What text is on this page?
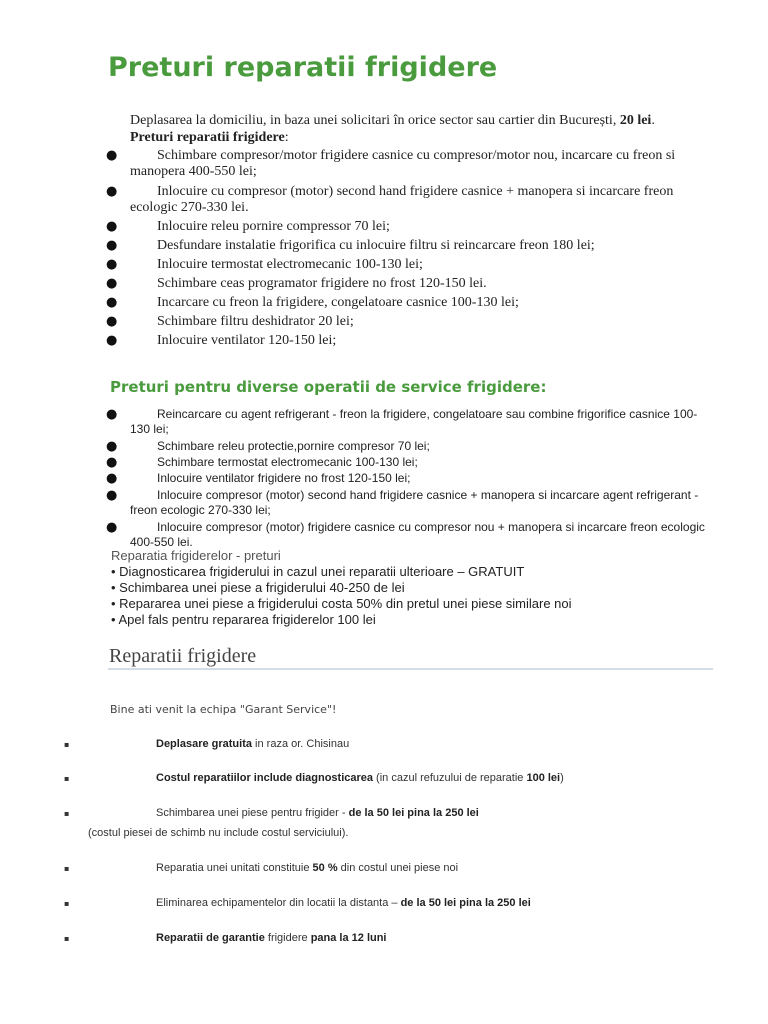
Preturi reparatii frigidere
Deplasarea la domiciliu, in baza unei solicitari în orice sector sau cartier din București, 20 lei.
Preturi reparatii frigidere:
●	Schimbare compresor/motor frigidere casnice cu compresor/motor nou, incarcare cu freon si manopera 400-550 lei;
●	Inlocuire cu compresor (motor) second hand frigidere casnice + manopera si incarcare freon ecologic 270-330 lei.
●	Inlocuire releu pornire compressor 70 lei;
●	Desfundare instalatie frigorifica cu inlocuire filtru si reincarcare freon 180 lei;
●	Inlocuire termostat electromecanic 100-130 lei;
●	Schimbare ceas programator frigidere no frost 120-150 lei.
●	Incarcare cu freon la frigidere, congelatoare casnice 100-130 lei;
●	Schimbare filtru deshidrator 20 lei;
●	Inlocuire ventilator 120-150 lei;
Preturi pentru diverse operatii de service frigidere:
●	Reincarcare cu agent refrigerant - freon la frigidere, congelatoare sau combine frigorifice casnice 100-130 lei;
●	Schimbare releu protectie,pornire compresor 70 lei;
●	Schimbare termostat electromecanic 100-130 lei;
●	Inlocuire ventilator frigidere no frost 120-150 lei;
●	Inlocuire compresor (motor) second hand frigidere casnice + manopera si incarcare agent refrigerant - freon ecologic 270-330 lei;
●	Inlocuire compresor (motor) frigidere casnice cu compresor nou + manopera si incarcare freon ecologic 400-550 lei.
Reparatia frigiderelor - preturi
• Diagnosticarea frigiderului in cazul unei reparatii ulterioare – GRATUIT
• Schimbarea unei piese a frigiderului 40-250 de lei
• Repararea unei piese a frigiderului costa 50% din pretul unei piese similare noi
• Apel fals pentru repararea frigiderelor 100 lei
Reparatii frigidere
Bine ati venit la echipa "Garant Service"!
▪	Deplasare gratuita in raza or. Chisinau
▪	Costul reparatiilor include diagnosticarea (in cazul refuzului de reparatie 100 lei)
▪	Schimbarea unei piese pentru frigider - de la 50 lei pina la 250 lei
(costul piesei de schimb nu include costul serviciului).
▪	Reparatia unei unitati constituie 50 % din costul unei piese noi
▪	Eliminarea echipamentelor din locatii la distanta – de la 50 lei pina la 250 lei
▪	Reparatii de garantie frigidere pana la 12 luni
